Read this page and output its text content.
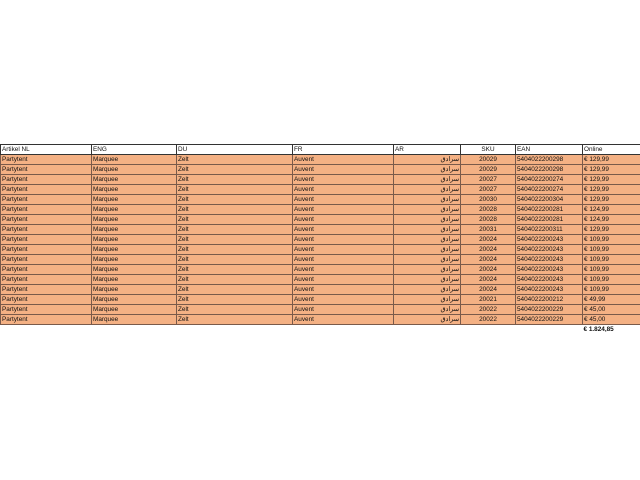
Artikel NL	ENG	DU	FR	AR	SKU	EAN	Online
Partytent	Marquee	Zelt	Auvent	سرادق	20029	5404022200298	€ 129,99
Partytent	Marquee	Zelt	Auvent	سرادق	20029	5404022200298	€ 129,99
Partytent	Marquee	Zelt	Auvent	سرادق	20027	5404022200274	€ 129,99
Partytent	Marquee	Zelt	Auvent	سرادق	20027	5404022200274	€ 129,99
Partytent	Marquee	Zelt	Auvent	سرادق	20030	5404022200304	€ 129,99
Partytent	Marquee	Zelt	Auvent	سرادق	20028	5404022200281	€ 124,99
Partytent	Marquee	Zelt	Auvent	سرادق	20028	5404022200281	€ 124,99
Partytent	Marquee	Zelt	Auvent	سرادق	20031	5404022200311	€ 129,99
Partytent	Marquee	Zelt	Auvent	سرادق	20024	5404022200243	€ 109,99
Partytent	Marquee	Zelt	Auvent	سرادق	20024	5404022200243	€ 109,99
Partytent	Marquee	Zelt	Auvent	سرادق	20024	5404022200243	€ 109,99
Partytent	Marquee	Zelt	Auvent	سرادق	20024	5404022200243	€ 109,99
Partytent	Marquee	Zelt	Auvent	سرادق	20024	5404022200243	€ 109,99
Partytent	Marquee	Zelt	Auvent	سرادق	20024	5404022200243	€ 109,99
Partytent	Marquee	Zelt	Auvent	سرادق	20021	5404022200212	€ 49,99
Partytent	Marquee	Zelt	Auvent	سرادق	20022	5404022200229	€ 45,00
Partytent	Marquee	Zelt	Auvent	سرادق	20022	5404022200229	€ 45,00
							€ 1.824,85
